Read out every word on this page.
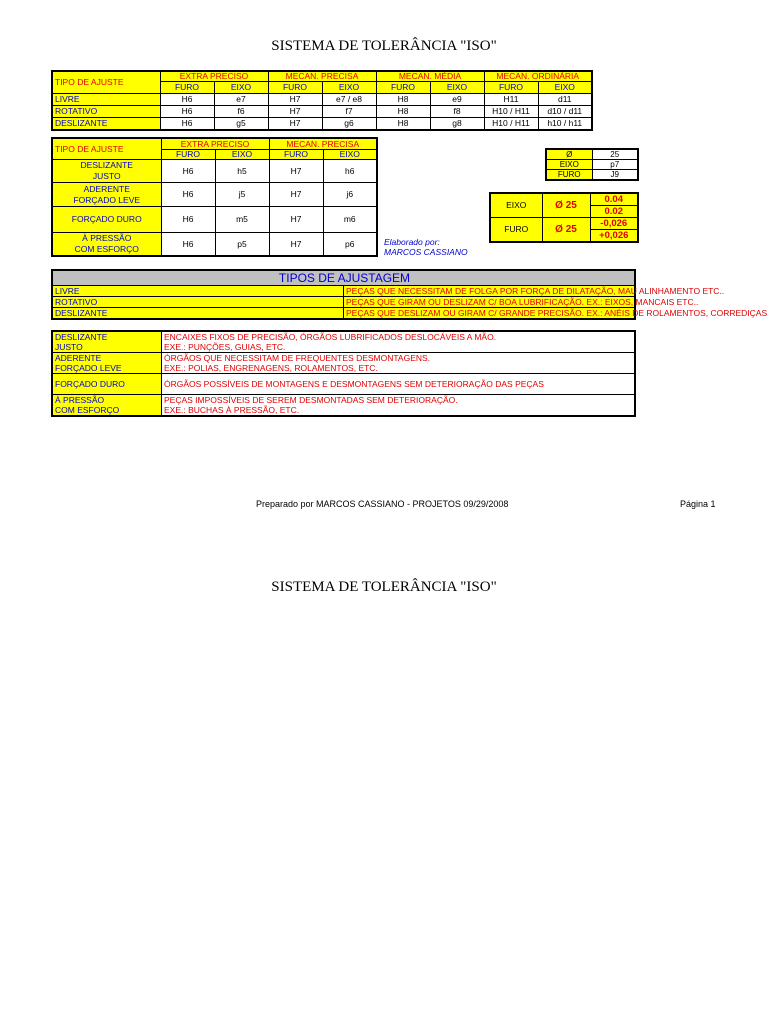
SISTEMA DE TOLERÂNCIA "ISO"
TIPO DE AJUSTE	EXTRA PRECISO		MECAN. PRECISA		MECAN. MÉDIA		MECAN. ORDINÁRIA	
	FURO	EIXO	FURO	EIXO	FURO	EIXO	FURO	EIXO
LIVRE	H6	e7	H7	e7 / e8	H8	e9	H11	d11
ROTATIVO	H6	f6	H7	f7	H8	f8	H10 / H11	d10 / d11
DESLIZANTE	H6	g5	H7	g6	H8	g8	H10 / H11	h10 / h11
TIPO DE AJUSTE	EXTRA PRECISO		MECAN. PRECISA	
	FURO	EIXO	FURO	EIXO
DESLIZANTE
JUSTO	H6	h5	H7	h6
ADERENTE
FORÇADO LEVE	H6	j5	H7	j6
FORÇADO DURO	H6	m5	H7	m6
À PRESSÃO
COM ESFORÇO	H6	p5	H7	p6
Ø	25
EIXO	p7
FURO	J9
EIXO	Ø 25	0.04
		0.02
FURO	Ø 25	-0,026
		+0,026
Elaborado por:
MARCOS CASSIANO
TIPOS DE AJUSTAGEM	
LIVRE	PEÇAS QUE NECESSITAM DE FOLGA POR FORÇA DE DILATAÇÃO, MAU ALINHAMENTO ETC..
ROTATIVO	PEÇAS QUE GIRAM OU DESLIZAM C/ BOA LUBRIFICAÇÃO. EX.: EIXOS, MANCAIS ETC..
DESLIZANTE	PEÇAS QUE DESLIZAM OU GIRAM C/ GRANDE PRECISÃO. EX.: ANÉIS DE ROLAMENTOS, CORREDIÇAS
DESLIZANTE
JUSTO	ENCAIXES FIXOS DE PRECISÃO, ÓRGÃOS LUBRIFICADOS DESLOCÁVEIS A MÃO.
EXE.: PUNÇÕES, GUIAS, ETC.
ADERENTE
FORÇADO LEVE	ÓRGÃOS QUE NECESSITAM DE FREQUENTES DESMONTAGENS.
EXE.: POLIAS, ENGRENAGENS, ROLAMENTOS, ETC.
FORÇADO DURO	ÓRGÃOS POSSÍVEIS DE MONTAGENS E DESMONTAGENS SEM DETERIORAÇÃO DAS PEÇAS
À PRESSÃO
COM ESFORÇO	PEÇAS IMPOSSÍVEIS DE SEREM DESMONTADAS SEM DETERIORAÇÃO.
EXE.: BUCHAS À PRESSÃO, ETC.
Preparado por MARCOS CASSIANO - PROJETOS 09/29/2008	Página 1
SISTEMA DE TOLERÂNCIA "ISO"
